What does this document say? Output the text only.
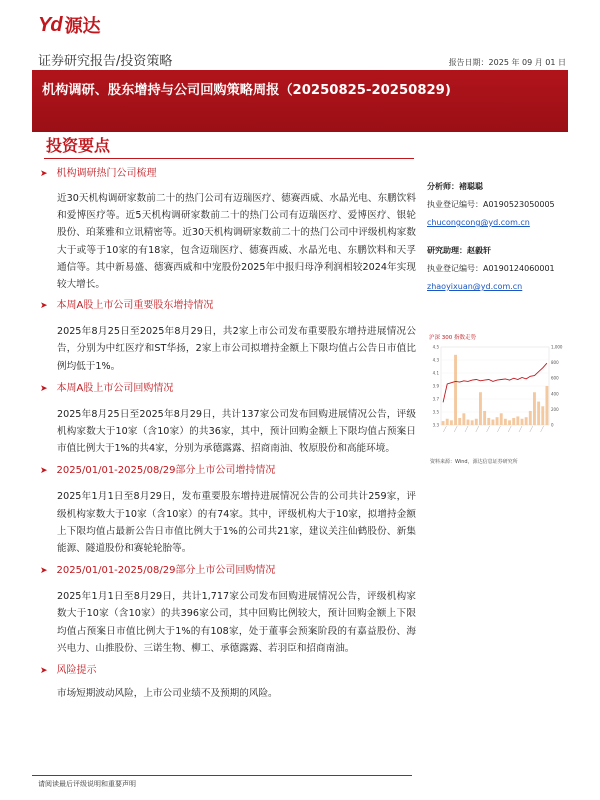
Yd 源达
证券研究报告/投资策略	报告日期：2025 年 09 月 01 日
机构调研、股东增持与公司回购策略周报（20250825-20250829)
投资要点
➤ 机构调研热门公司梳理
近30天机构调研家数前二十的热门公司有迈瑞医疗、德赛西威、水晶光电、东鹏饮料和爱博医疗等。近5天机构调研家数前二十的热门公司有迈瑞医疗、爱博医疗、银轮股份、珀莱雅和立讯精密等。近30天机构调研家数前二十的热门公司中评级机构家数大于或等于10家的有18家，包含迈瑞医疗、德赛西威、水晶光电、东鹏饮料和天孚通信等。其中新易盛、德赛西威和中宠股份2025年中报归母净利润相较2024年实现较大增长。
➤ 本周A股上市公司重要股东增持情况
2025年8月25日至2025年8月29日，共2家上市公司发布重要股东增持进展情况公告，分别为中红医疗和ST华扬，2家上市公司拟增持金额上下限均值占公告日市值比例均低于1%。
➤ 本周A股上市公司回购情况
2025年8月25日至2025年8月29日，共计137家公司发布回购进展情况公告，评级机构家数大于10家（含10家）的共36家，其中，预计回购金额上下限均值占预案日市值比例大于1%的共4家，分别为承德露露、招商南油、牧原股份和高能环境。
➤ 2025/01/01-2025/08/29部分上市公司增持情况
2025年1月1日至8月29日，发布重要股东增持进展情况公告的公司共计259家，评级机构家数大于10家（含10家）的有74家。其中，评级机构大于10家，拟增持金额上下限均值占最新公告日市值比例大于1%的公司共21家，建议关注仙鹤股份、新集能源、隧道股份和赛轮轮胎等。
➤ 2025/01/01-2025/08/29部分上市公司回购情况
2025年1月1日至8月29日，共计1,717家公司发布回购进展情况公告，评级机构家数大于10家（含10家）的共396家公司，其中回购比例较大，预计回购金额上下限均值占预案日市值比例大于1%的有108家，处于董事会预案阶段的有嘉益股份、海兴电力、山推股份、三诺生物、柳工、承德露露、若羽臣和招商南油。
➤ 风险提示
市场短期波动风险，上市公司业绩不及预期的风险。
分析师：褚聪聪
执业登记编号：A0190523050005
chucongcong@yd.com.cn
研究助理：赵毅轩
执业登记编号：A0190124060001
zhaoyixuan@yd.com.cn
沪深 300 指数走势
4.5
4.3
4.1
3.9
3.7
3.5
3.3
1,000
800
600
400
200
0
资料来源：Wind，源达信息证券研究所
请阅读最后评级说明和重要声明
